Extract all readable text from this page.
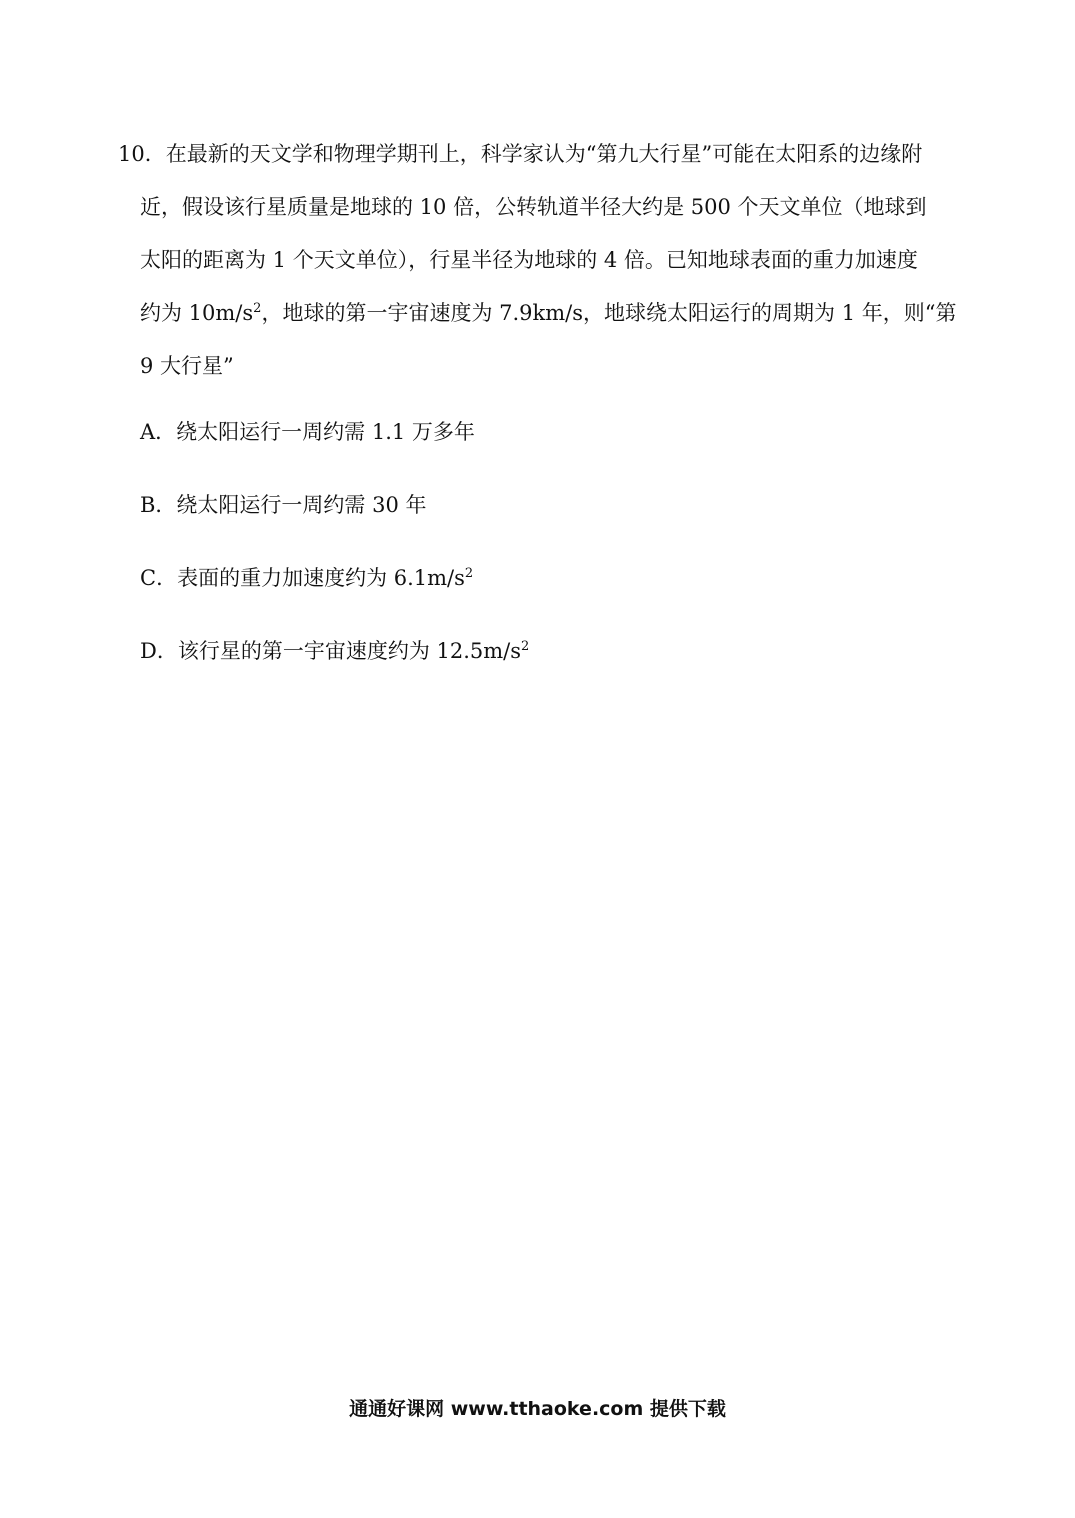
10．在最新的天文学和物理学期刊上，科学家认为“第九大行星”可能在太阳系的边缘附
近，假设该行星质量是地球的 10 倍，公转轨道半径大约是 500 个天文单位（地球到
太阳的距离为 1 个天文单位），行星半径为地球的 4 倍。已知地球表面的重力加速度
约为 $10m/s^2$，地球的第一宇宙速度为 7.9km/s，地球绕太阳运行的周期为 1 年，则“第
9 大行星”
A．绕太阳运行一周约需 1.1 万多年
B．绕太阳运行一周约需 30 年
C．表面的重力加速度约为 $6.1m/s^2$
D．该行星的第一宇宙速度约为 $12.5m/s^2$
通通好课网 www.tthaoke.com 提供下载
